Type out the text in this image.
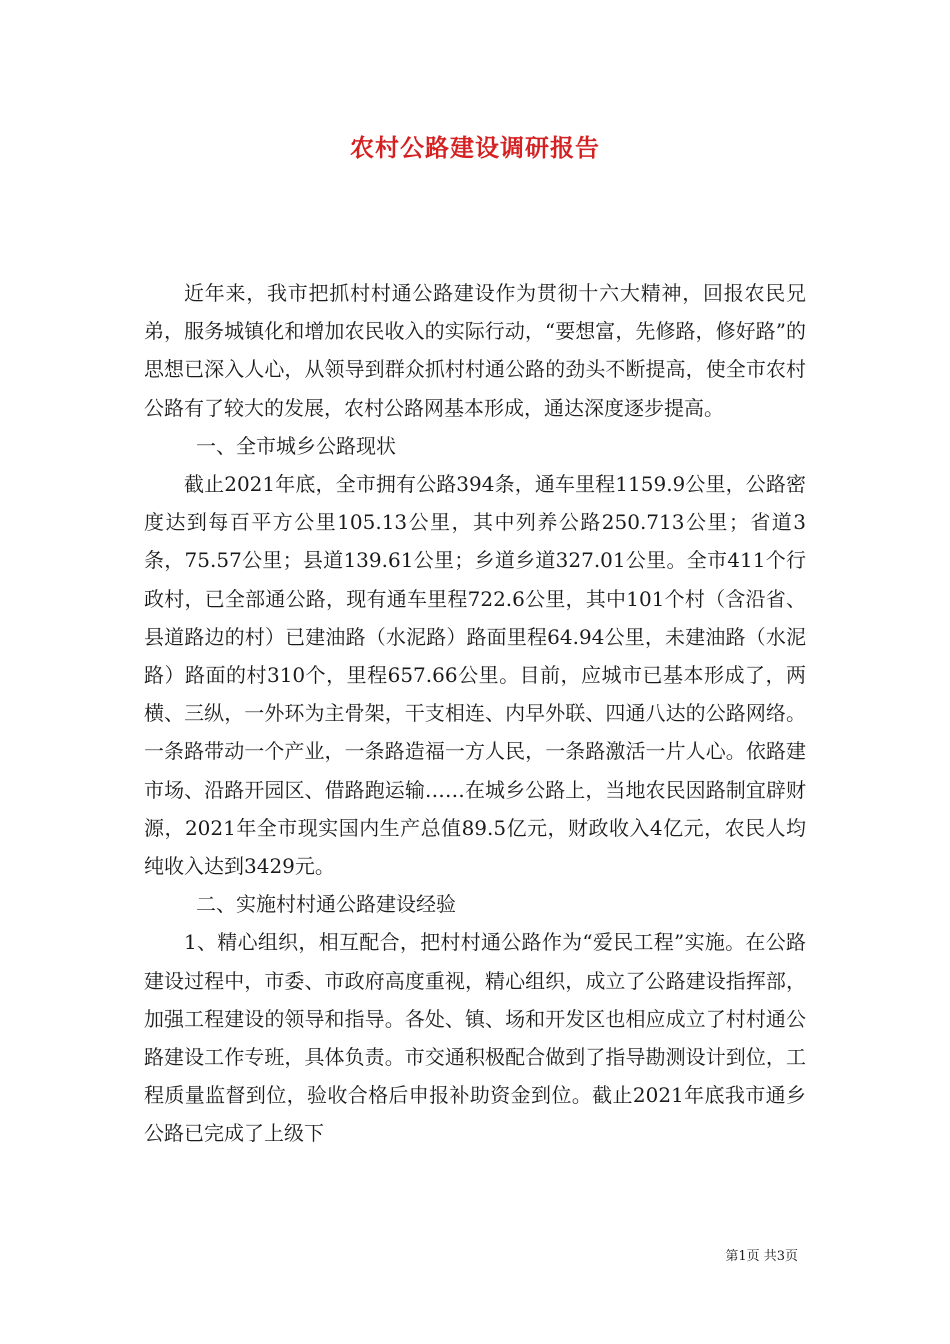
农村公路建设调研报告

近年来，我市把抓村村通公路建设作为贯彻十六大精神，回报农民兄弟，服务城镇化和增加农民收入的实际行动，“要想富，先修路，修好路”的思想已深入人心，从领导到群众抓村村通公路的劲头不断提高，使全市农村公路有了较大的发展，农村公路网基本形成，通达深度逐步提高。

一、全市城乡公路现状

截止2021年底，全市拥有公路394条，通车里程1159.9公里，公路密度达到每百平方公里105.13公里，其中列养公路250.713公里；省道3条，75.57公里；县道139.61公里；乡道乡道327.01公里。全市411个行政村，已全部通公路，现有通车里程722.6公里，其中101个村（含沿省、县道路边的村）已建油路（水泥路）路面里程64.94公里，未建油路（水泥路）路面的村310个，里程657.66公里。目前，应城市已基本形成了，两横、三纵，一外环为主骨架，干支相连、内早外联、四通八达的公路网络。一条路带动一个产业，一条路造福一方人民，一条路激活一片人心。依路建市场、沿路开园区、借路跑运输……在城乡公路上，当地农民因路制宜辟财源，2021年全市现实国内生产总值89.5亿元，财政收入4亿元，农民人均纯收入达到3429元。

二、实施村村通公路建设经验

1、精心组织，相互配合，把村村通公路作为“爱民工程”实施。在公路建设过程中，市委、市政府高度重视，精心组织，成立了公路建设指挥部，加强工程建设的领导和指导。各处、镇、场和开发区也相应成立了村村通公路建设工作专班，具体负责。市交通积极配合做到了指导勘测设计到位，工程质量监督到位，验收合格后申报补助资金到位。截止2021年底我市通乡公路已完成了上级下

第1页 共3页
